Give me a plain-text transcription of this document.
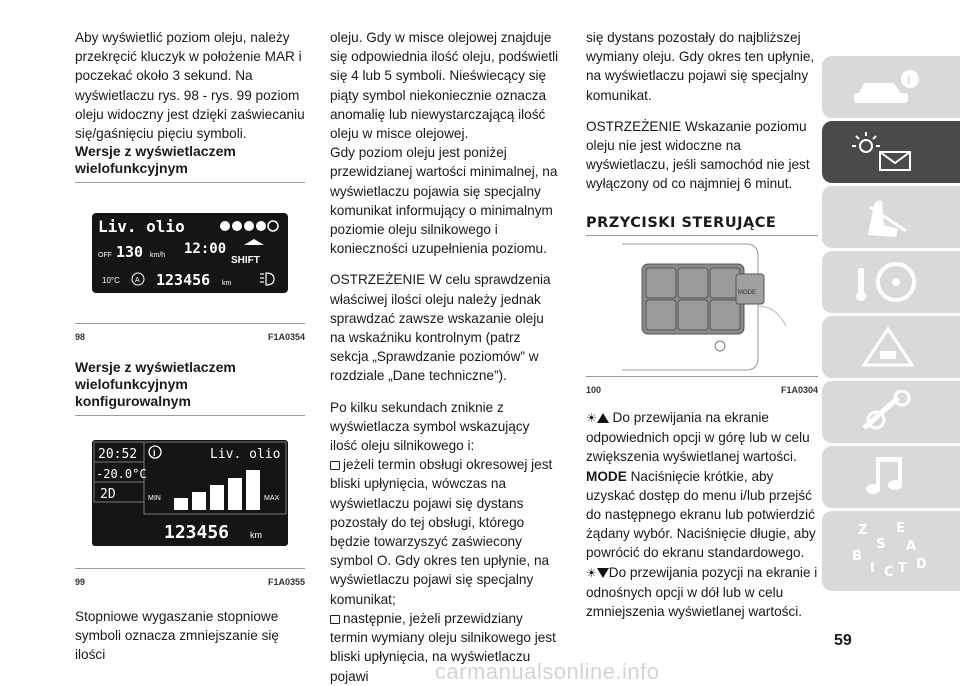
Aby wyświetlić poziom oleju, należy przekręcić kluczyk w położenie MAR i poczekać około 3 sekund. Na wyświetlaczu rys. 98 - rys. 99 poziom oleju widoczny jest dzięki zaświecaniu się/gaśnięciu pięciu symboli.

Wersje z wyświetlaczem wielofunkcyjnym

Liv. olio
OFF 130 km/h 12:00
SHIFT
10°C A 123456 km
98	F1A0354

Wersje z wyświetlaczem wielofunkcyjnym konfigurowalnym

20:52
-20.0°C
2D
i	Liv. olio
MIN	MAX
123456 km
99	F1A0355

Stopniowe wygaszanie stopniowe symboli oznacza zmniejszanie się ilości

oleju. Gdy w misce olejowej znajduje się odpowiednia ilość oleju, podświetli się 4 lub 5 symboli. Nieświecący się piąty symbol niekoniecznie oznacza anomalię lub niewystarczającą ilość oleju w misce olejowej.

Gdy poziom oleju jest poniżej przewidzianej wartości minimalnej, na wyświetlaczu pojawia się specjalny komunikat informujący o minimalnym poziomie oleju silnikowego i konieczności uzupełnienia poziomu.

OSTRZEŻENIE W celu sprawdzenia właściwej ilości oleju należy jednak sprawdzać zawsze wskazanie oleju na wskaźniku kontrolnym (patrz sekcja „Sprawdzanie poziomów” w rozdziale „Dane techniczne”).

Po kilku sekundach zniknie z wyświetlacza symbol wskazujący ilość oleju silnikowego i:

jeżeli termin obsługi okresowej jest bliski upłynięcia, wówczas na wyświetlaczu pojawi się dystans pozostały do tej obsługi, którego będzie towarzyszyć zaświecony symbol O. Gdy okres ten upłynie, na wyświetlaczu pojawi się specjalny komunikat;

następnie, jeżeli przewidziany termin wymiany oleju silnikowego jest bliski upłynięcia, na wyświetlaczu pojawi

się dystans pozostały do najbliższej wymiany oleju. Gdy okres ten upłynie, na wyświetlaczu pojawi się specjalny komunikat.

OSTRZEŻENIE Wskazanie poziomu oleju nie jest widoczne na wyświetlaczu, jeśli samochód nie jest wyłączony od co najmniej 6 minut.

PRZYCISKI STERUJĄCE

MODE
100	F1A0304

☀ Do przewijania na ekranie odpowiednich opcji w górę lub w celu zwiększenia wyświetlanej wartości.

MODE Naciśnięcie krótkie, aby uzyskać dostęp do menu i/lub przejść do następnego ekranu lub potwierdzić żądany wybór. Naciśnięcie długie, aby powrócić do ekranu standardowego.

☀ Do przewijania pozycji na ekranie i odnośnych opcji w dół lub w celu zmniejszenia wyświetlanej wartości.

i
Z E
S A
B
I C T D
59
carmanualsonline.info
